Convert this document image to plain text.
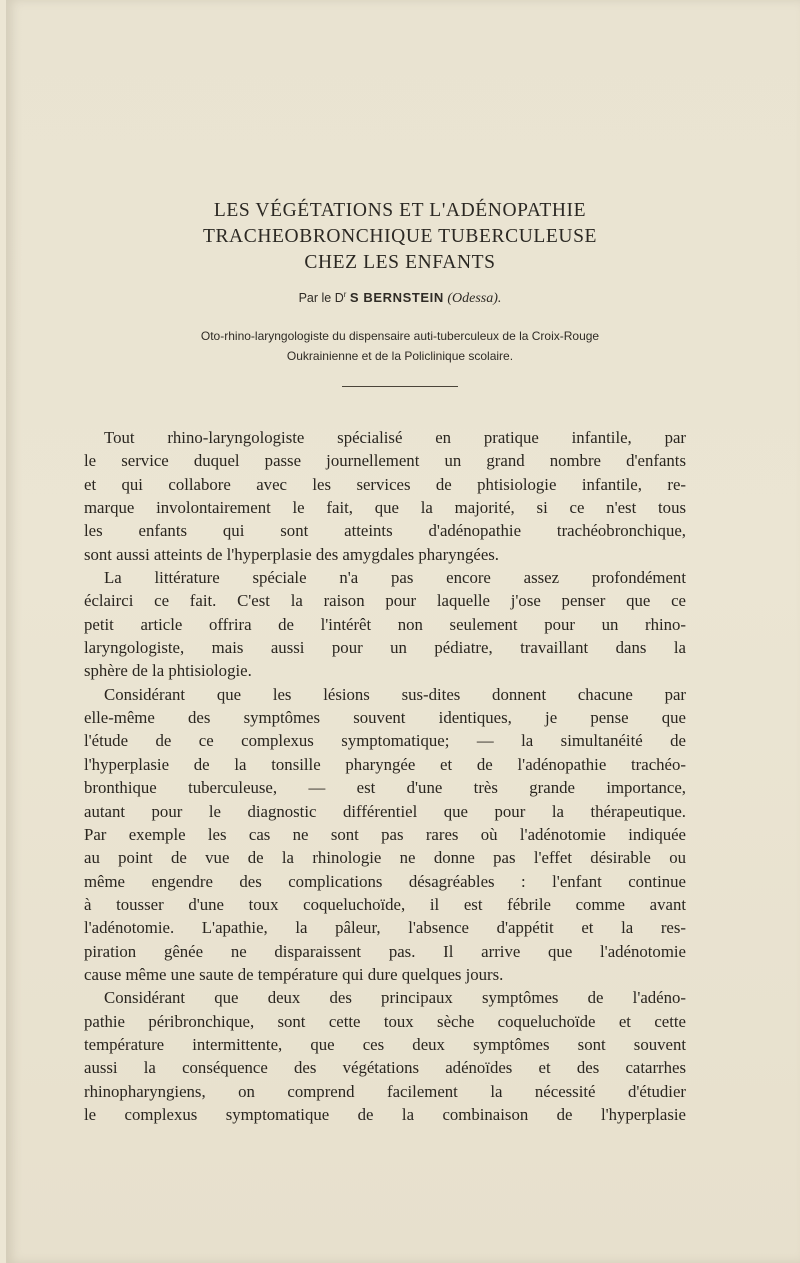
LES VÉGÉTATIONS ET L'ADÉNOPATHIE
TRACHEOBRONCHIQUE TUBERCULEUSE
CHEZ LES ENFANTS
Par le $D^r$ S BERNSTEIN (Odessa).
Oto-rhino-laryngologiste du dispensaire auti-tuberculeux de la Croix-Rouge
Oukrainienne et de la Policlinique scolaire.
Tout rhino-laryngologiste spécialisé en pratique infantile, par
le service duquel passe journellement un grand nombre d'enfants
et qui collabore avec les services de phtisiologie infantile, re-
marque involontairement le fait, que la majorité, si ce n'est tous
les enfants qui sont atteints d'adénopathie trachéobronchique,
sont aussi atteints de l'hyperplasie des amygdales pharyngées.
La littérature spéciale n'a pas encore assez profondément
éclairci ce fait. C'est la raison pour laquelle j'ose penser que ce
petit article offrira de l'intérêt non seulement pour un rhino-
laryngologiste, mais aussi pour un pédiatre, travaillant dans la
sphère de la phtisiologie.
Considérant que les lésions sus-dites donnent chacune par
elle-même des symptômes souvent identiques, je pense que
l'étude de ce complexus symptomatique; — la simultanéité de
l'hyperplasie de la tonsille pharyngée et de l'adénopathie trachéo-
bronthique tuberculeuse, — est d'une très grande importance,
autant pour le diagnostic différentiel que pour la thérapeutique.
Par exemple les cas ne sont pas rares où l'adénotomie indiquée
au point de vue de la rhinologie ne donne pas l'effet désirable ou
même engendre des complications désagréables : l'enfant continue
à tousser d'une toux coqueluchoïde, il est fébrile comme avant
l'adénotomie. L'apathie, la pâleur, l'absence d'appétit et la res-
piration gênée ne disparaissent pas. Il arrive que l'adénotomie
cause même une saute de température qui dure quelques jours.
Considérant que deux des principaux symptômes de l'adéno-
pathie péribronchique, sont cette toux sèche coqueluchoïde et cette
température intermittente, que ces deux symptômes sont souvent
aussi la conséquence des végétations adénoïdes et des catarrhes
rhinopharyngiens, on comprend facilement la nécessité d'étudier
le complexus symptomatique de la combinaison de l'hyperplasie
